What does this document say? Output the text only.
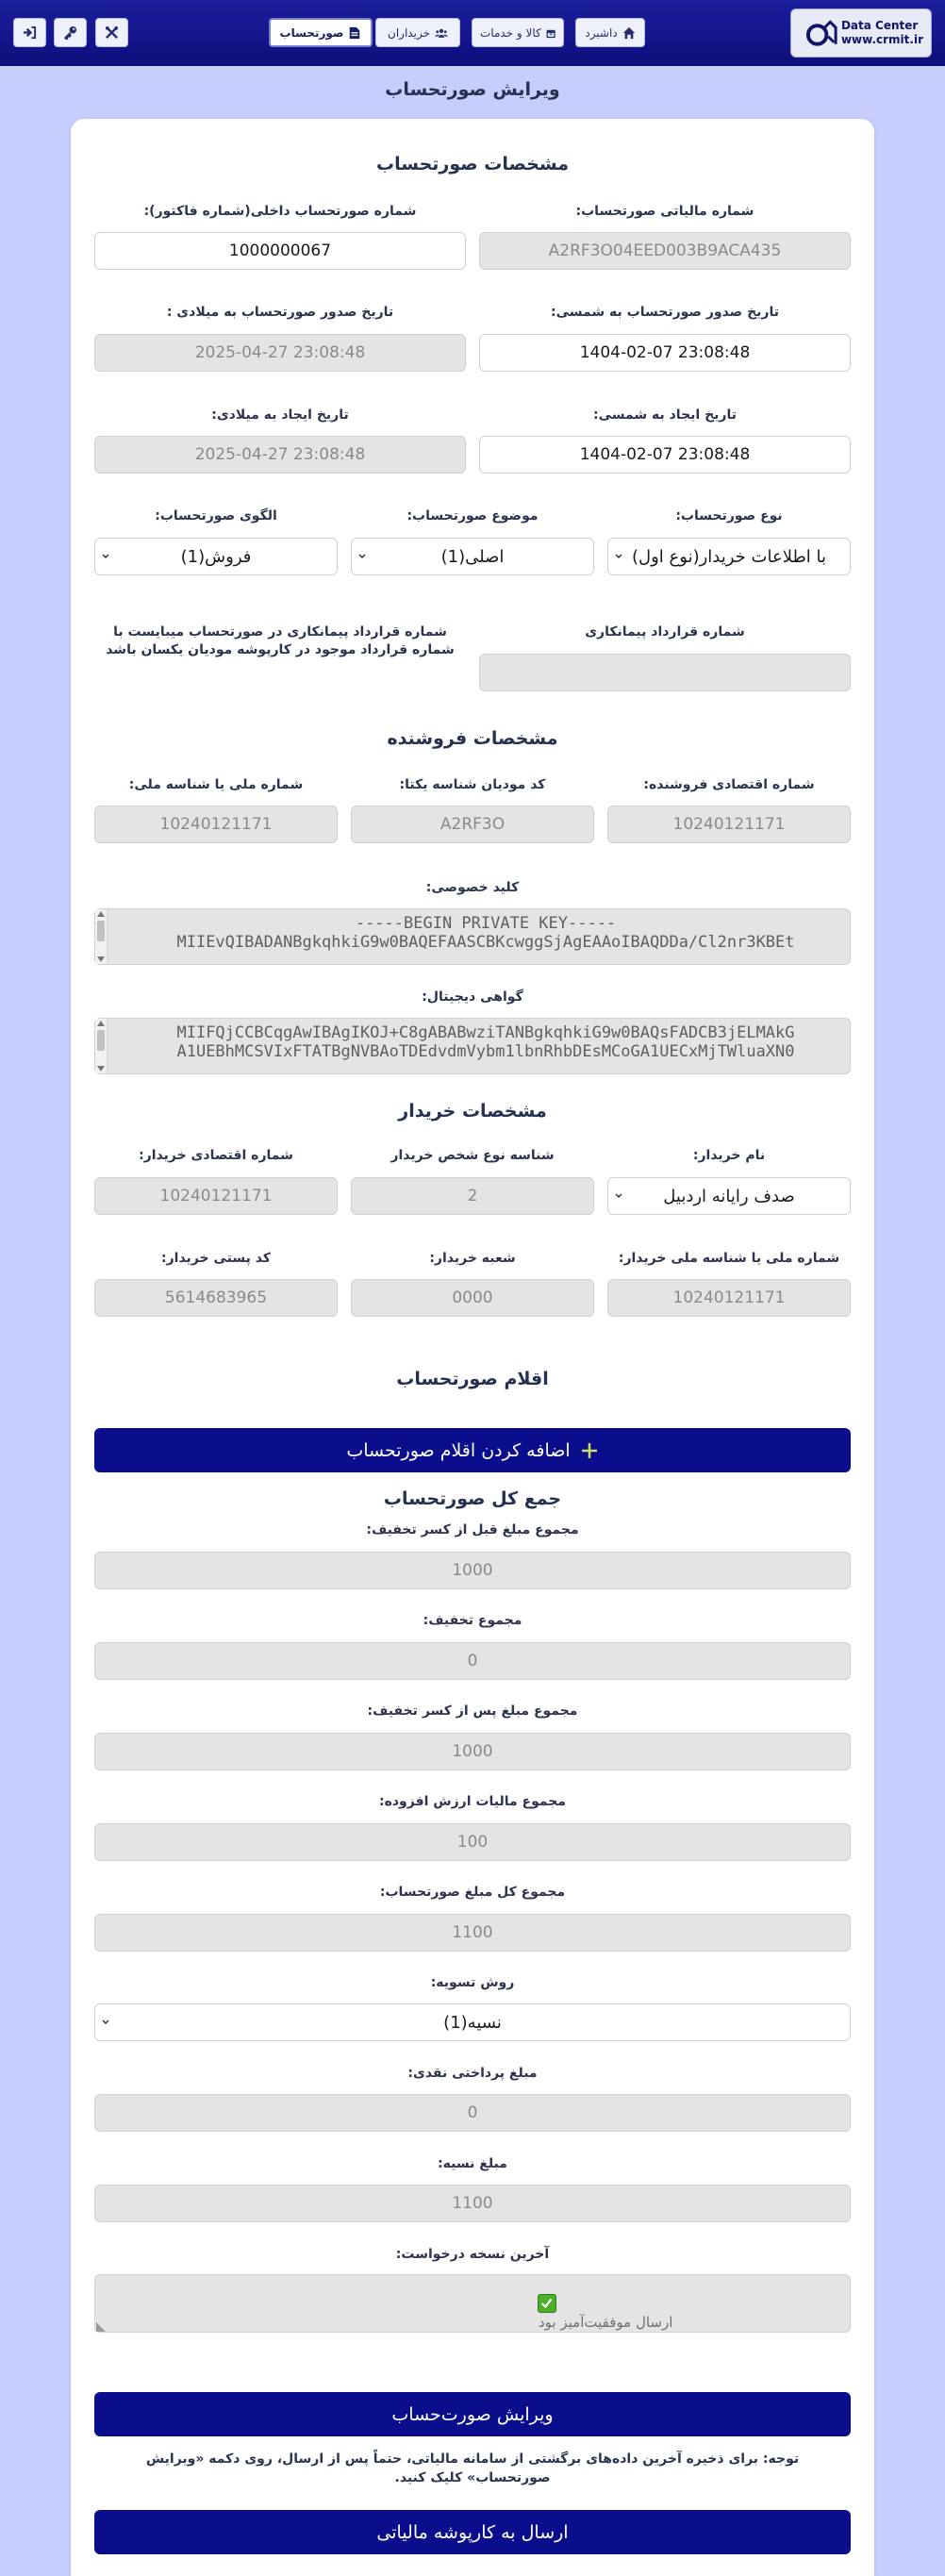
Data Center
www.crmit.ir
داشبرد
کالا و خدمات
خریداران
صورتحساب
ویرایش صورتحساب
مشخصات صورتحساب
شماره مالیاتی صورتحساب:
A2RF3O04EED003B9ACA435
شماره صورتحساب داخلی(شماره فاکتور):
1000000067
تاریخ صدور صورتحساب به شمسی:
1404-02-07 23:08:48
تاریخ صدور صورتحساب به میلادی :
2025-04-27 23:08:48
تاریخ ایجاد به شمسی:
1404-02-07 23:08:48
تاریخ ایجاد به میلادی:
2025-04-27 23:08:48
نوع صورتحساب:
با اطلاعات خریدار(نوع اول)
موضوع صورتحساب:
اصلی(1)
الگوی صورتحساب:
فروش(1)
شماره قرارداد پیمانکاری
شماره قرارداد پیمانکاری در صورتحساب میبایست با شماره قرارداد موجود در کارپوشه مودیان یکسان باشد
مشخصات فروشنده
شماره اقتصادی فروشنده:
10240121171
کد مودیان شناسه یکتا:
A2RF3O
شماره ملی یا شناسه ملی:
10240121171
کلید خصوصی:
-----BEGIN PRIVATE KEY-----
MIIEvQIBADANBgkqhkiG9w0BAQEFAASCBKcwggSjAgEAAoIBAQDDa/Cl2nr3KBEt
گواهی دیجیتال:
MIIFQjCCBCqgAwIBAgIKOJ+C8gABABwziTANBgkqhkiG9w0BAQsFADCB3jELMAkG
A1UEBhMCSVIxFTATBgNVBAoTDEdvdmVybm1lbnRhbDEsMCoGA1UECxMjTWluaXN0
مشخصات خریدار
نام خریدار:
صدف رایانه اردبیل
شناسه نوع شخص خریدار
2
شماره اقتصادی خریدار:
10240121171
شماره ملی یا شناسه ملی خریدار:
10240121171
شعبه خریدار:
0000
کد پستی خریدار:
5614683965
اقلام صورتحساب
اضافه کردن اقلام صورتحساب
جمع کل صورتحساب
مجموع مبلغ قبل از کسر تخفیف:
1000
مجموع تخفیف:
0
مجموع مبلغ پس از کسر تخفیف:
1000
مجموع مالیات ارزش افزوده:
100
مجموع کل مبلغ صورتحساب:
1100
روش تسویه:
نسیه(1)
مبلغ پرداختی نقدی:
0
مبلغ نسیه:
1100
آخرین نسخه درخواست:

ارسال موفقیت‌آمیز بود

ویرایش صورت‌حساب
توجه: برای ذخیره آخرین داده‌های برگشتی از سامانه مالیاتی، حتماً پس از ارسال، روی دکمه «ویرایش صورتحساب» کلیک کنید.
ارسال به کارپوشه مالیاتی
